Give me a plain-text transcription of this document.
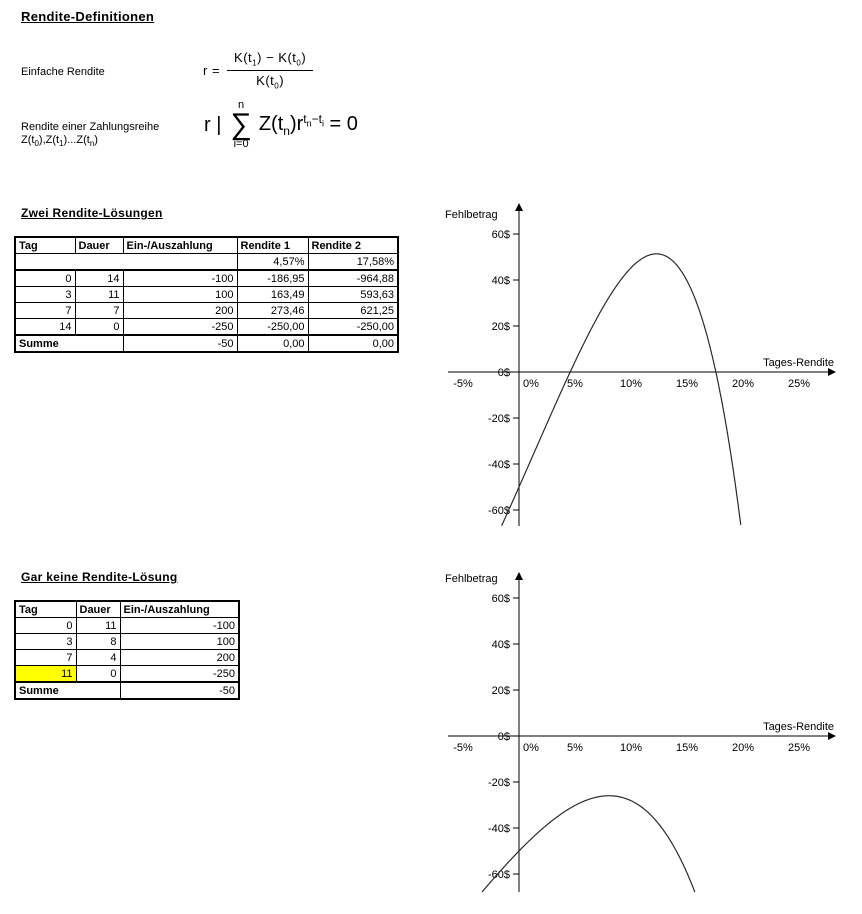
Rendite-Definitionen
Einfache Rendite	$r = \frac{K(t_1) - K(t_0)}{K(t_0)}$
Rendite einer Zahlungsreihe
$Z(t_0),Z(t_1)...Z(t_n)$
r |
n
∑
i=0
$Z(t_n)r^{t_n-t_i} = 0$
Zwei Rendite-Lösungen
Tag	Dauer	Ein-/Auszahlung	Rendite 1	Rendite 2
			4,57%	17,58%
0	14	-100	-186,95	-964,88
3	11	100	163,49	593,63
7	7	200	273,46	621,25
14	0	-250	-250,00	-250,00
Summe		-50	0,00	0,00
Gar keine Rendite-Lösung
Tag	Dauer	Ein-/Auszahlung
0	11	-100
3	8	100
7	4	200
11	0	-250
Summe		-50
60$
40$
20$
0$
-20$
-40$
-60$
-5%	0%	5%	10%	15%	20%	25%
Fehlbetrag
Tages-Rendite
60$
40$
20$
0$
-20$
-40$
-60$
-5%	0%	5%	10%	15%	20%	25%
Fehlbetrag
Tages-Rendite
